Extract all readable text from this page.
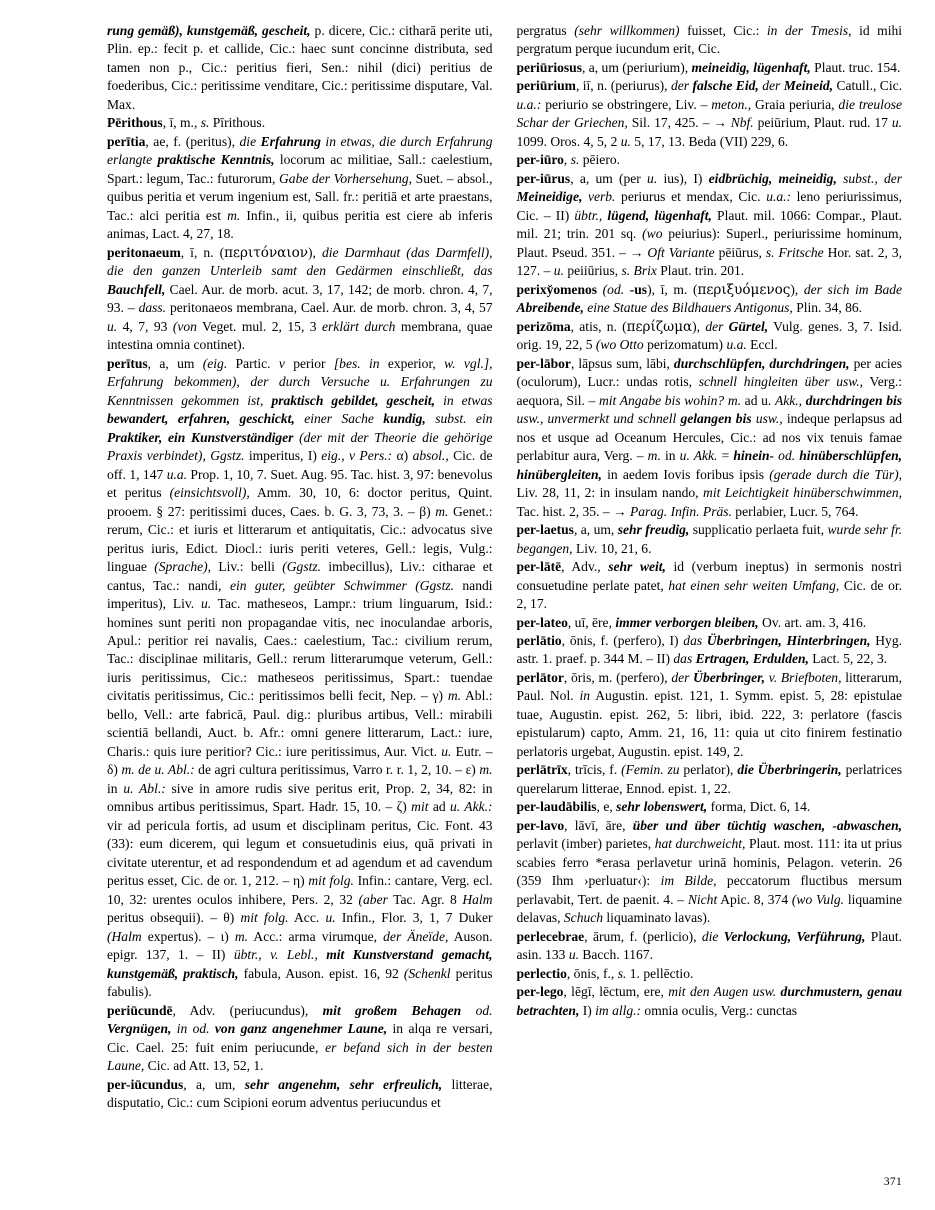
rung gemäß), kunstgemäß, gescheit, p. dicere, Cic.: citharā perite uti, Plin. ep.: fecit p. et callide, Cic.: haec sunt concinne distributa, sed tamen non p., Cic.: peritius fieri, Sen.: nihil (dici) peritius de foederibus, Cic.: peritissime venditare, Cic.: peritissime disputare, Val. Max.

Pērithous, ī, m., s. Pīrithous.

perītia, ae, f. (peritus), die Erfahrung in etwas, die durch Erfahrung erlangte praktische Kenntnis, locorum ac militiae, Sall.: caelestium, Spart.: legum, Tac.: futurorum, Gabe der Vorhersehung, Suet. – absol., quibus peritia et verum ingenium est, Sall. fr.: peritiā et arte praestans, Tac.: alci peritia est m. Infin., ii, quibus peritia est ciere ab inferis animas, Lact. 4, 27, 18.

peritonaeum, ī, n. (περιτόναιον), die Darmhaut (das Darmfell), die den ganzen Unterleib samt den Gedärmen einschließt, das Bauchfell, Cael. Aur. de morb. acut. 3, 17, 142; de morb. chron. 4, 7, 93. – dass. peritonaeos membrana, Cael. Aur. de morb. chron. 3, 4, 57 u. 4, 7, 93 (von Veget. mul. 2, 15, 3 erklärt durch membrana, quae intestina omnia continet).

perītus, a, um (eig. Partic. v perior [bes. in experior, w. vgl.], Erfahrung bekommen), der durch Versuche u. Erfahrungen zu Kenntnissen gekommen ist, praktisch gebildet, gescheit, in etwas bewandert, erfahren, geschickt, einer Sache kundig, subst. ein Praktiker, ein Kunstverständiger (der mit der Theorie die gehörige Praxis verbindet), Ggstz. imperitus, I) eig., v Pers.: α) absol., Cic. de off. 1, 147 u.a. Prop. 1, 10, 7. Suet. Aug. 95. Tac. hist. 3, 97: benevolus et peritus (einsichtsvoll), Amm. 30, 10, 6: doctor peritus, Quint. prooem. § 27: peritissimi duces, Caes. b. G. 3, 73, 3. – β) m. Genet.: rerum, Cic.: et iuris et litterarum et antiquitatis, Cic.: advocatus sive peritus iuris, Edict. Diocl.: iuris periti veteres, Gell.: legis, Vulg.: linguae (Sprache), Liv.: belli (Ggstz. imbecillus), Liv.: citharae et cantus, Tac.: nandi, ein guter, geübter Schwimmer (Ggstz. nandi imperitus), Liv. u. Tac. matheseos, Lampr.: trium linguarum, Isid.: homines sunt periti non propagandae vitis, nec inoculandae arboris, Apul.: peritior rei navalis, Caes.: caelestium, Tac.: civilium rerum, Tac.: disciplinae militaris, Gell.: rerum litterarumque veterum, Gell.: iuris peritissimus, Cic.: matheseos peritissimus, Spart.: tuendae civitatis peritissimus, Cic.: peritissimos belli fecit, Nep. – γ) m. Abl.: bello, Vell.: arte fabricā, Paul. dig.: pluribus artibus, Vell.: mirabili scientiā bellandi, Auct. b. Afr.: omni genere litterarum, Lact.: iure, Charis.: quis iure peritior? Cic.: iure peritissimus, Aur. Vict. u. Eutr. – δ) m. de u. Abl.: de agri cultura peritissimus, Varro r. r. 1, 2, 10. – ε) m. in u. Abl.: sive in amore rudis sive peritus erit, Prop. 2, 34, 82: in omnibus artibus peritissimus, Spart. Hadr. 15, 10. – ζ) mit ad u. Akk.: vir ad pericula fortis, ad usum et disciplinam peritus, Cic. Font. 43 (33): eum dicerem, qui legum et consuetudinis eius, quā privati in civitate uterentur, et ad respondendum et ad agendum et ad cavendum peritus esset, Cic. de or. 1, 212. – η) mit folg. Infin.: cantare, Verg. ecl. 10, 32: urentes oculos inhibere, Pers. 2, 32 (aber Tac. Agr. 8 Halm peritus obsequii). – θ) mit folg. Acc. u. Infin., Flor. 3, 1, 7 Duker (Halm expertus). – ι) m. Acc.: arma virumque, der Äneïde, Auson. epigr. 137, 1. – II) übtr., v. Lebl., mit Kunstverstand gemacht, kunstgemäß, praktisch, fabula, Auson. epist. 16, 92 (Schenkl peritus fabulis).

periūcundē, Adv. (periucundus), mit großem Behagen od. Vergnügen, in od. von ganz angenehmer Laune, in alqa re versari, Cic. Cael. 25: fuit enim periucunde, er befand sich in der besten Laune, Cic. ad Att. 13, 52, 1.

per-iūcundus, a, um, sehr angenehm, sehr erfreulich, litterae, disputatio, Cic.: cum Scipioni eorum adventus periucundus et

pergratus (sehr willkommen) fuisset, Cic.: in der Tmesis, id mihi pergratum perque iucundum erit, Cic.

periūriosus, a, um (periurium), meineidig, lügenhaft, Plaut. truc. 154.

periūrium, iī, n. (periurus), der falsche Eid, der Meineid, Catull., Cic. u.a.: periurio se obstringere, Liv. – meton., Graia periuria, die treulose Schar der Griechen, Sil. 17, 425. – → Nbf. peiūrium, Plaut. rud. 17 u. 1099. Oros. 4, 5, 2 u. 5, 17, 13. Beda (VII) 229, 6.

per-iūro, s. pēiero.

per-iūrus, a, um (per u. ius), I) eidbrüchig, meineidig, subst., der Meineidige, verb. periurus et mendax, Cic. u.a.: leno periurissimus, Cic. – II) übtr., lügend, lügenhaft, Plaut. mil. 1066: Compar., Plaut. mil. 21; trin. 201 sq. (wo peiurius): Superl., periurissime hominum, Plaut. Pseud. 351. – → Oft Variante pēiūrus, s. Fritsche Hor. sat. 2, 3, 127. – u. peiiūrius, s. Brix Plaut. trin. 201.

perixy̆omenos (od. -us), ī, m. (περιξυόμενος), der sich im Bade Abreibende, eine Statue des Bildhauers Antigonus, Plin. 34, 86.

perizōma, atis, n. (περίζωμα), der Gürtel, Vulg. genes. 3, 7. Isid. orig. 19, 22, 5 (wo Otto perizomatum) u.a. Eccl.

per-lābor, lāpsus sum, lābi, durchschlüpfen, durchdringen, per acies (oculorum), Lucr.: undas rotis, schnell hingleiten über usw., Verg.: aequora, Sil. – mit Angabe bis wohin? m. ad u. Akk., durchdringen bis usw., unvermerkt und schnell gelangen bis usw., indeque perlapsus ad nos et usque ad Oceanum Hercules, Cic.: ad nos vix tenuis famae perlabitur aura, Verg. – m. in u. Akk. = hinein- od. hinüberschlüpfen, hinübergleiten, in aedem Iovis foribus ipsis (gerade durch die Tür), Liv. 28, 11, 2: in insulam nando, mit Leichtigkeit hinüberschwimmen, Tac. hist. 2, 35. – → Parag. Infin. Präs. perlabier, Lucr. 5, 764.

per-laetus, a, um, sehr freudig, supplicatio perlaeta fuit, wurde sehr fr. begangen, Liv. 10, 21, 6.

per-lātē, Adv., sehr weit, id (verbum ineptus) in sermonis nostri consuetudine perlate patet, hat einen sehr weiten Umfang, Cic. de or. 2, 17.

per-lateo, uī, ēre, immer verborgen bleiben, Ov. art. am. 3, 416.

perlātio, ōnis, f. (perfero), I) das Überbringen, Hinterbringen, Hyg. astr. 1. praef. p. 344 M. – II) das Ertragen, Erdulden, Lact. 5, 22, 3.

perlātor, ōris, m. (perfero), der Überbringer, v. Briefboten, litterarum, Paul. Nol. in Augustin. epist. 121, 1. Symm. epist. 5, 28: epistulae tuae, Augustin. epist. 262, 5: libri, ibid. 222, 3: perlatore (fascis epistularum) capto, Amm. 21, 16, 11: quia ut cito finirem festinatio perlatoris urgebat, Augustin. epist. 149, 2.

perlātrīx, trīcis, f. (Femin. zu perlator), die Überbringerin, perlatrices querelarum litterae, Ennod. epist. 1, 22.

per-laudābilis, e, sehr lobenswert, forma, Dict. 6, 14.

per-lavo, lāvī, āre, über und über tüchtig waschen, -abwaschen, perlavit (imber) parietes, hat durchweicht, Plaut. most. 111: ita ut prius scabies ferro *erasa perlavetur urinā hominis, Pelagon. veterin. 26 (359 Ihm ›perluatur‹): im Bilde, peccatorum fluctibus mersum perlavabit, Tert. de paenit. 4. – Nicht Apic. 8, 374 (wo Vulg. liquamine delavas, Schuch liquaminato lavas).

perlecebrae, ārum, f. (perlicio), die Verlockung, Verführung, Plaut. asin. 133 u. Bacch. 1167.

perlectio, ōnis, f., s. 1. pellēctio.

per-lego, lēgī, lēctum, ere, mit den Augen usw. durchmustern, genau betrachten, I) im allg.: omnia oculis, Verg.: cunctas

371
